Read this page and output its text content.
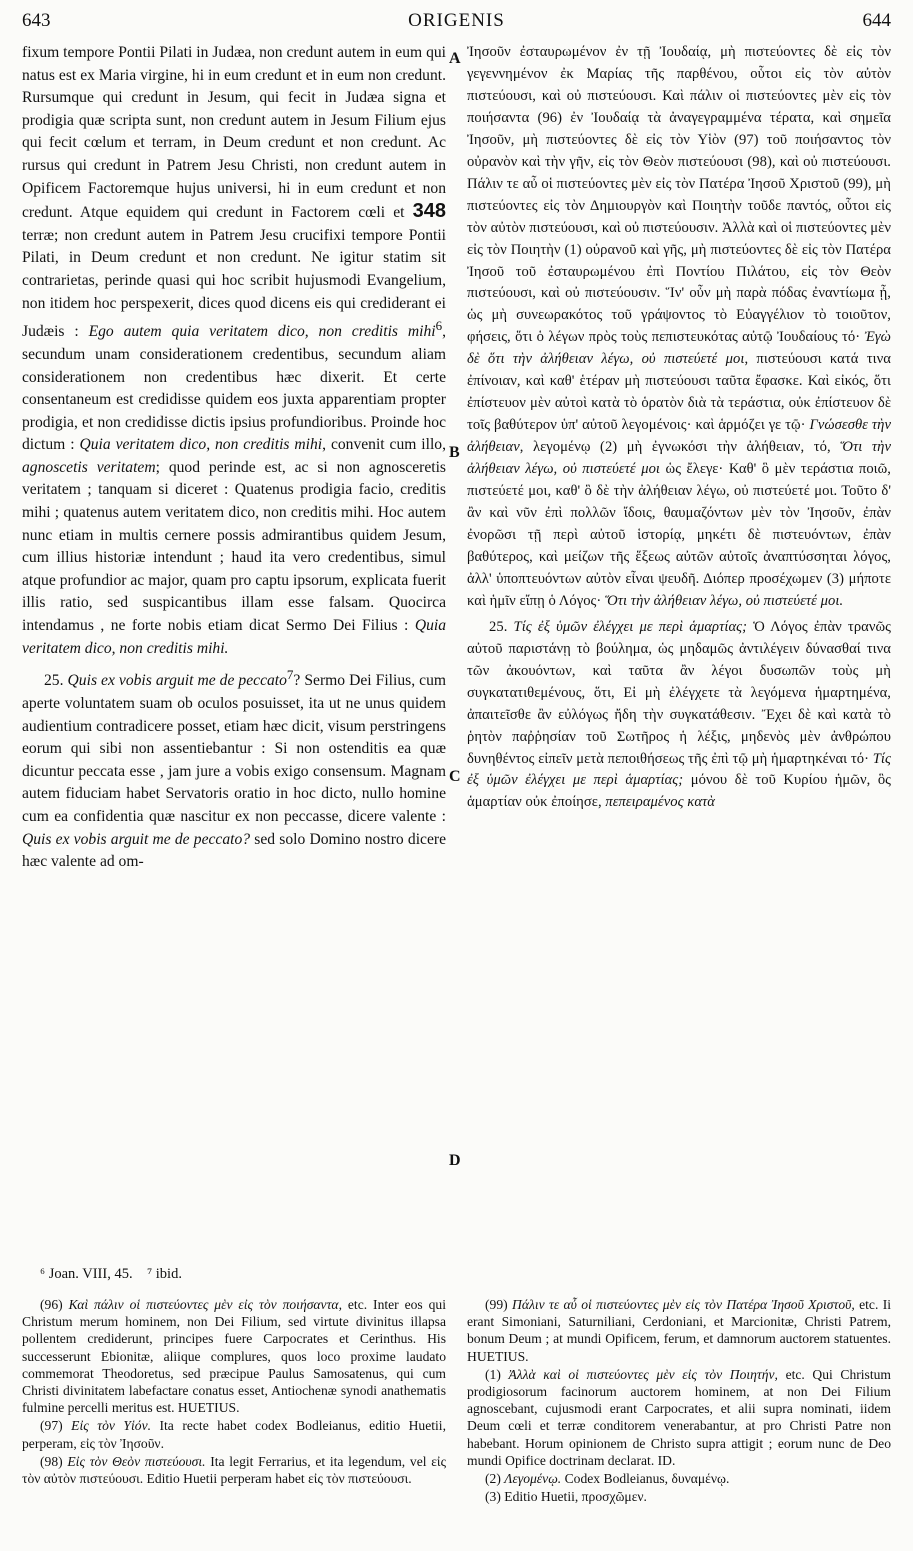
643	ORIGENIS	644
A
B
C
D

fixum tempore Pontii Pilati in Judæa, non credunt autem in eum qui natus est ex Maria virgine, hi in eum credunt et in eum non credunt. Rursumque qui credunt in Jesum, qui fecit in Judæa signa et prodigia quæ scripta sunt, non credunt autem in Jesum Filium ejus qui fecit cœlum et terram, in Deum credunt et non credunt. Ac rursus qui credunt in Patrem Jesu Christi, non credunt autem in Opificem Factoremque hujus universi, hi in eum credunt et non credunt. Atque equidem qui credunt in Factorem cœli et 348 terræ; non credunt autem in Patrem Jesu crucifixi tempore Pontii Pilati, in Deum credunt et non credunt. Ne igitur statim sit contrarietas, perinde quasi qui hoc scribit hujusmodi Evangelium, non itidem hoc perspexerit, dices quod dicens eis qui crediderant ei Judæis : Ego autem quia veritatem dico, non creditis mihi$^6$, secundum unam considerationem credentibus, secundum aliam considerationem non credentibus hæc dixerit. Et certe consentaneum est credidisse quidem eos juxta apparentiam propter prodigia, et non credidisse dictis ipsius profundioribus. Proinde hoc dictum : Quia veritatem dico, non creditis mihi, convenit cum illo, agnoscetis veritatem; quod perinde est, ac si non agnosceretis veritatem ; tanquam si diceret : Quatenus prodigia facio, creditis mihi ; quatenus autem veritatem dico, non creditis mihi. Hoc autem nunc etiam in multis cernere possis admirantibus quidem Jesum, cum illius historiæ intendunt ; haud ita vero credentibus, simul atque profundior ac major, quam pro captu ipsorum, explicata fuerit illis ratio, sed suspicantibus illam esse falsam. Quocirca intendamus , ne forte nobis etiam dicat Sermo Dei Filius : Quia veritatem dico, non creditis mihi.

25. Quis ex vobis arguit me de peccato$^7$? Sermo Dei Filius, cum aperte voluntatem suam ob oculos posuisset, ita ut ne unus quidem audientium contradicere posset, etiam hæc dicit, visum perstringens eorum qui sibi non assentiebantur : Si non ostenditis ea quæ dicuntur peccata esse , jam jure a vobis exigo consensum. Magnam autem fiduciam habet Servatoris oratio in hoc dicto, nullo homine cum ea confidentia quæ nascitur ex non peccasse, dicere valente : Quis ex vobis arguit me de peccato? sed solo Domino nostro dicere hæc valente ad om-

Ἰησοῦν ἐσταυρωμένον ἐν τῇ Ἰουδαίᾳ, μὴ πιστεύοντες δὲ εἰς τὸν γεγεννημένον ἐκ Μαρίας τῆς παρθένου, οὗτοι εἰς τὸν αὐτὸν πιστεύουσι, καὶ οὐ πιστεύουσι. Καὶ πάλιν οἱ πιστεύοντες μὲν εἰς τὸν ποιήσαντα (96) ἐν Ἰουδαίᾳ τὰ ἀναγεγραμμένα τέρατα, καὶ σημεῖα Ἰησοῦν, μὴ πιστεύοντες δὲ εἰς τὸν Υἱὸν (97) τοῦ ποιήσαντος τὸν οὐρανὸν καὶ τὴν γῆν, εἰς τὸν Θεὸν πιστεύουσι (98), καὶ οὐ πιστεύουσι. Πάλιν τε αὖ οἱ πιστεύοντες μὲν εἰς τὸν Πατέρα Ἰησοῦ Χριστοῦ (99), μὴ πιστεύοντες εἰς τὸν Δημιουργὸν καὶ Ποιητὴν τοῦδε παντός, οὗτοι εἰς τὸν αὐτὸν πιστεύουσι, καὶ οὐ πιστεύουσιν. Ἀλλὰ καὶ οἱ πιστεύοντες μὲν εἰς τὸν Ποιητὴν (1) οὐρανοῦ καὶ γῆς, μὴ πιστεύοντες δὲ εἰς τὸν Πατέρα Ἰησοῦ τοῦ ἐσταυρωμένου ἐπὶ Ποντίου Πιλάτου, εἰς τὸν Θεὸν πιστεύουσι, καὶ οὐ πιστεύουσιν. Ἵν' οὖν μὴ παρὰ πόδας ἐναντίωμα ᾖ, ὡς μὴ συνεωρακότος τοῦ γράψοντος τὸ Εὐαγγέλιον τὸ τοιοῦτον, φήσεις, ὅτι ὁ λέγων πρὸς τοὺς πεπιστευκότας αὐτῷ Ἰουδαίους τό· Ἐγὼ δὲ ὅτι τὴν ἀλήθειαν λέγω, οὐ πιστεύετέ μοι, πιστεύουσι κατά τινα ἐπίνοιαν, καὶ καθ' ἑτέραν μὴ πιστεύουσι ταῦτα ἔφασκε. Καὶ εἰκός, ὅτι ἐπίστευον μὲν αὐτοὶ κατὰ τὸ ὁρατὸν διὰ τὰ τεράστια, οὐκ ἐπίστευον δὲ τοῖς βαθύτερον ὑπ' αὐτοῦ λεγομένοις· καὶ ἁρμόζει γε τῷ· Γνώσεσθε τὴν ἀλήθειαν, λεγομένῳ (2) μὴ ἐγνωκόσι τὴν ἀλήθειαν, τό, Ὅτι τὴν ἀλήθειαν λέγω, οὐ πιστεύετέ μοι ὡς ἔλεγε· Καθ' ὃ μὲν τεράστια ποιῶ, πιστεύετέ μοι, καθ' ὃ δὲ τὴν ἀλήθειαν λέγω, οὐ πιστεύετέ μοι. Τοῦτο δ' ἂν καὶ νῦν ἐπὶ πολλῶν ἴδοις, θαυμαζόντων μὲν τὸν Ἰησοῦν, ἐπὰν ἐνορῶσι τῇ περὶ αὐτοῦ ἱστορίᾳ, μηκέτι δὲ πιστευόντων, ἐπὰν βαθύτερος, καὶ μείζων τῆς ἕξεως αὐτῶν αὐτοῖς ἀναπτύσσηται λόγος, ἀλλ' ὑποπτευόντων αὐτὸν εἶναι ψευδῆ. Διόπερ προσέχωμεν (3) μήποτε καὶ ἡμῖν εἴπῃ ὁ Λόγος· Ὅτι τὴν ἀλήθειαν λέγω, οὐ πιστεύετέ μοι.

25. Τίς ἐξ ὑμῶν ἐλέγχει με περὶ ἁμαρτίας; Ὁ Λόγος ἐπὰν τρανῶς αὐτοῦ παριστάνῃ τὸ βούλημα, ὡς μηδαμῶς ἀντιλέγειν δύνασθαί τινα τῶν ἀκουόντων, καὶ ταῦτα ἂν λέγοι δυσωπῶν τοὺς μὴ συγκατατιθεμένους, ὅτι, Εἰ μὴ ἐλέγχετε τὰ λεγόμενα ἡμαρτημένα, ἀπαιτεῖσθε ἂν εὐλόγως ἤδη τὴν συγκατάθεσιν. Ἔχει δὲ καὶ κατὰ τὸ ῥητὸν παῤῥησίαν τοῦ Σωτῆρος ἡ λέξις, μηδενὸς μὲν ἀνθρώπου δυνηθέντος εἰπεῖν μετὰ πεποιθήσεως τῆς ἐπὶ τῷ μὴ ἡμαρτηκέναι τό· Τίς ἐξ ὑμῶν ἐλέγχει με περὶ ἁμαρτίας; μόνου δὲ τοῦ Κυρίου ἡμῶν, ὃς ἁμαρτίαν οὐκ ἐποίησε, πεπειραμένος κατὰ

⁶ Joan. VIII, 45. ⁷ ibid.

(96) Καὶ πάλιν οἱ πιστεύοντες μὲν εἰς τὸν ποιήσαντα, etc. Inter eos qui Christum merum hominem, non Dei Filium, sed virtute divinitus illapsa pollentem crediderunt, principes fuere Carpocrates et Cerinthus. His successerunt Ebionitæ, aliique complures, quos loco proxime laudato commemorat Theodoretus, sed præcipue Paulus Samosatenus, qui cum Christi divinitatem labefactare conatus esset, Antiochenæ synodi anathematis fulmine percelli meritus est. HUETIUS.

(97) Εἰς τὸν Υἱόν. Ita recte habet codex Bodleianus, editio Huetii, perperam, εἰς τὸν Ἰησοῦν.

(98) Εἰς τὸν Θεὸν πιστεύουσι. Ita legit Ferrarius, et ita legendum, vel εἰς τὸν αὐτὸν πιστεύουσι. Editio Huetii perperam habet εἰς τὸν πιστεύουσι.

(99) Πάλιν τε αὖ οἱ πιστεύοντες μὲν εἰς τὸν Πατέρα Ἰησοῦ Χριστοῦ, etc. Ii erant Simoniani, Saturniliani, Cerdoniani, et Marcionitæ, Christi Patrem, bonum Deum ; at mundi Opificem, ferum, et damnorum auctorem statuentes. HUETIUS.

(1) Ἀλλὰ καὶ οἱ πιστεύοντες μὲν εἰς τὸν Ποιητήν, etc. Qui Christum prodigiosorum facinorum auctorem hominem, at non Dei Filium agnoscebant, cujusmodi erant Carpocrates, et alii supra nominati, iidem Deum cœli et terræ conditorem venerabantur, at pro Christi Patre non habebant. Horum opinionem de Christo supra attigit ; eorum nunc de Deo mundi Opifice doctrinam declarat. ID.

(2) Λεγομένῳ. Codex Bodleianus, δυναμένῳ.

(3) Editio Huetii, προσχῶμεν.
